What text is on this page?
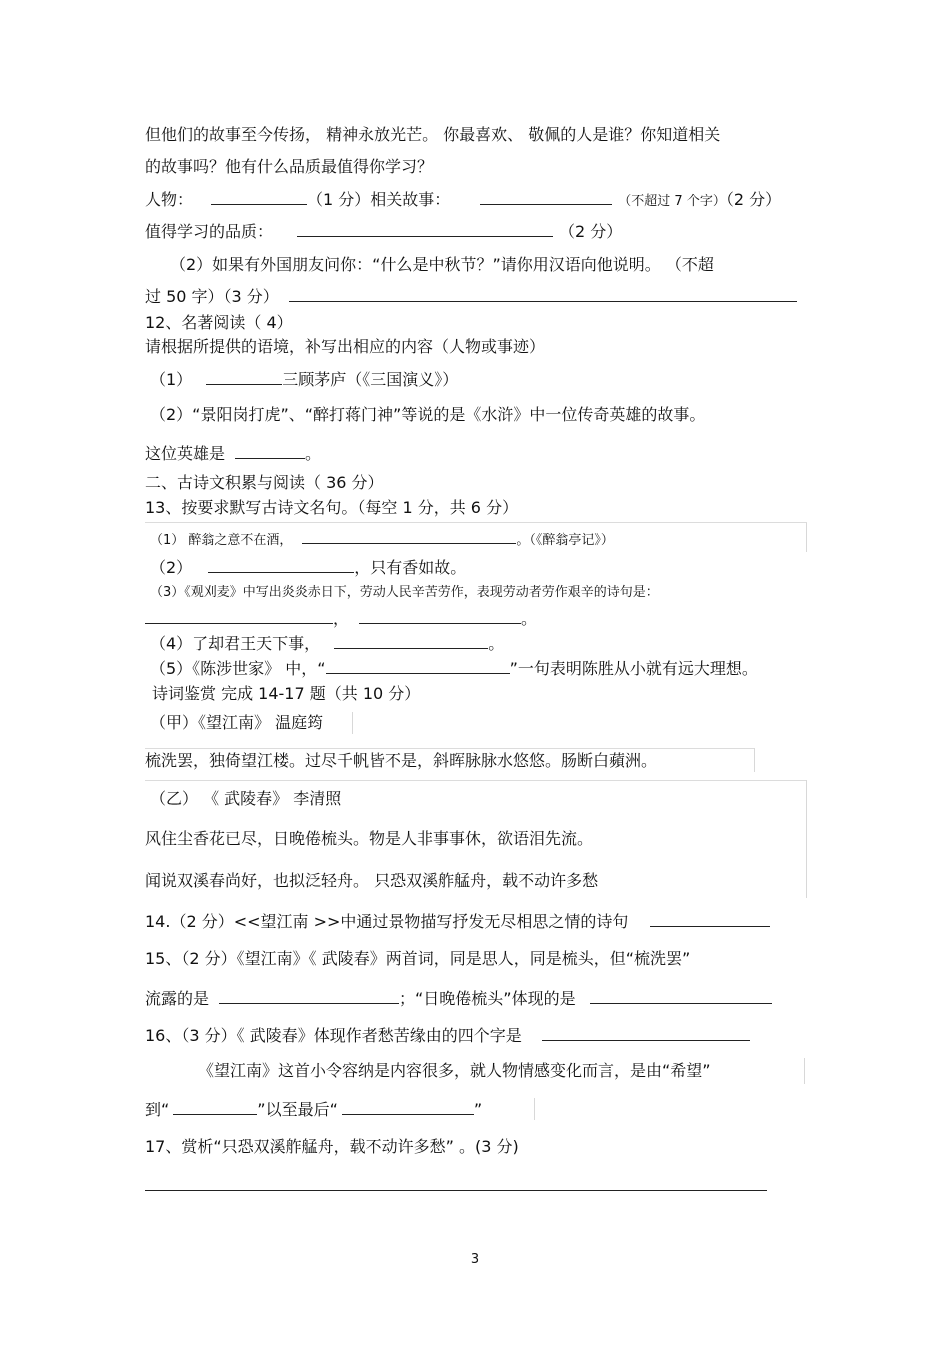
但他们的故事至今传扬， 精神永放光芒。 你最喜欢、 敬佩的人是谁？你知道相关
的故事吗？他有什么品质最值得你学习？
人物：	（1 分）相关故事：	（不超过 7 个字）（2 分）
值得学习的品质：	（2 分）
（2）如果有外国朋友问你：“什么是中秋节？”请你用汉语向他说明。 （不超
过 50 字）（3 分）
12、名著阅读（ 4）
请根据所提供的语境，补写出相应的内容（人物或事迹）
（1）	三顾茅庐（《三国演义》）
（2）“景阳岗打虎”、“醉打蒋门神”等说的是《水浒》中一位传奇英雄的故事。
这位英雄是	。
二、古诗文积累与阅读（ 36 分）
13、按要求默写古诗文名句。（每空 1 分，共 6 分）
（1） 醉翁之意不在酒，	。（《醉翁亭记》）
（2）	，只有香如故。
（3）《观刈麦》中写出炎炎赤日下，劳动人民辛苦劳作，表现劳动者劳作艰辛的诗句是：
，	。
（4）了却君王天下事，	。
（5）《陈涉世家》 中，“	”一句表明陈胜从小就有远大理想。
诗词鉴赏 完成 14-17 题（共 10 分）
（甲）《望江南》 温庭筠
梳洗罢，独倚望江楼。过尽千帆皆不是，斜晖脉脉水悠悠。肠断白蘋洲。
（乙） 《 武陵春》 李清照
风住尘香花已尽，日晚倦梳头。物是人非事事休，欲语泪先流。
闻说双溪春尚好，也拟泛轻舟。 只恐双溪舴艋舟，载不动许多愁
14.（2 分）<<望江南 >>中通过景物描写抒发无尽相思之情的诗句
15、（2 分）《望江南》《 武陵春》两首词，同是思人，同是梳头，但“梳洗罢”
流露的是	；“日晚倦梳头”体现的是
16、（3 分）《 武陵春》体现作者愁苦缘由的四个字是
《望江南》这首小令容纳是内容很多，就人物情感变化而言，是由“希望”
到“	”以至最后“	”
17、赏析“只恐双溪舴艋舟，载不动许多愁” 。(3 分)
3
